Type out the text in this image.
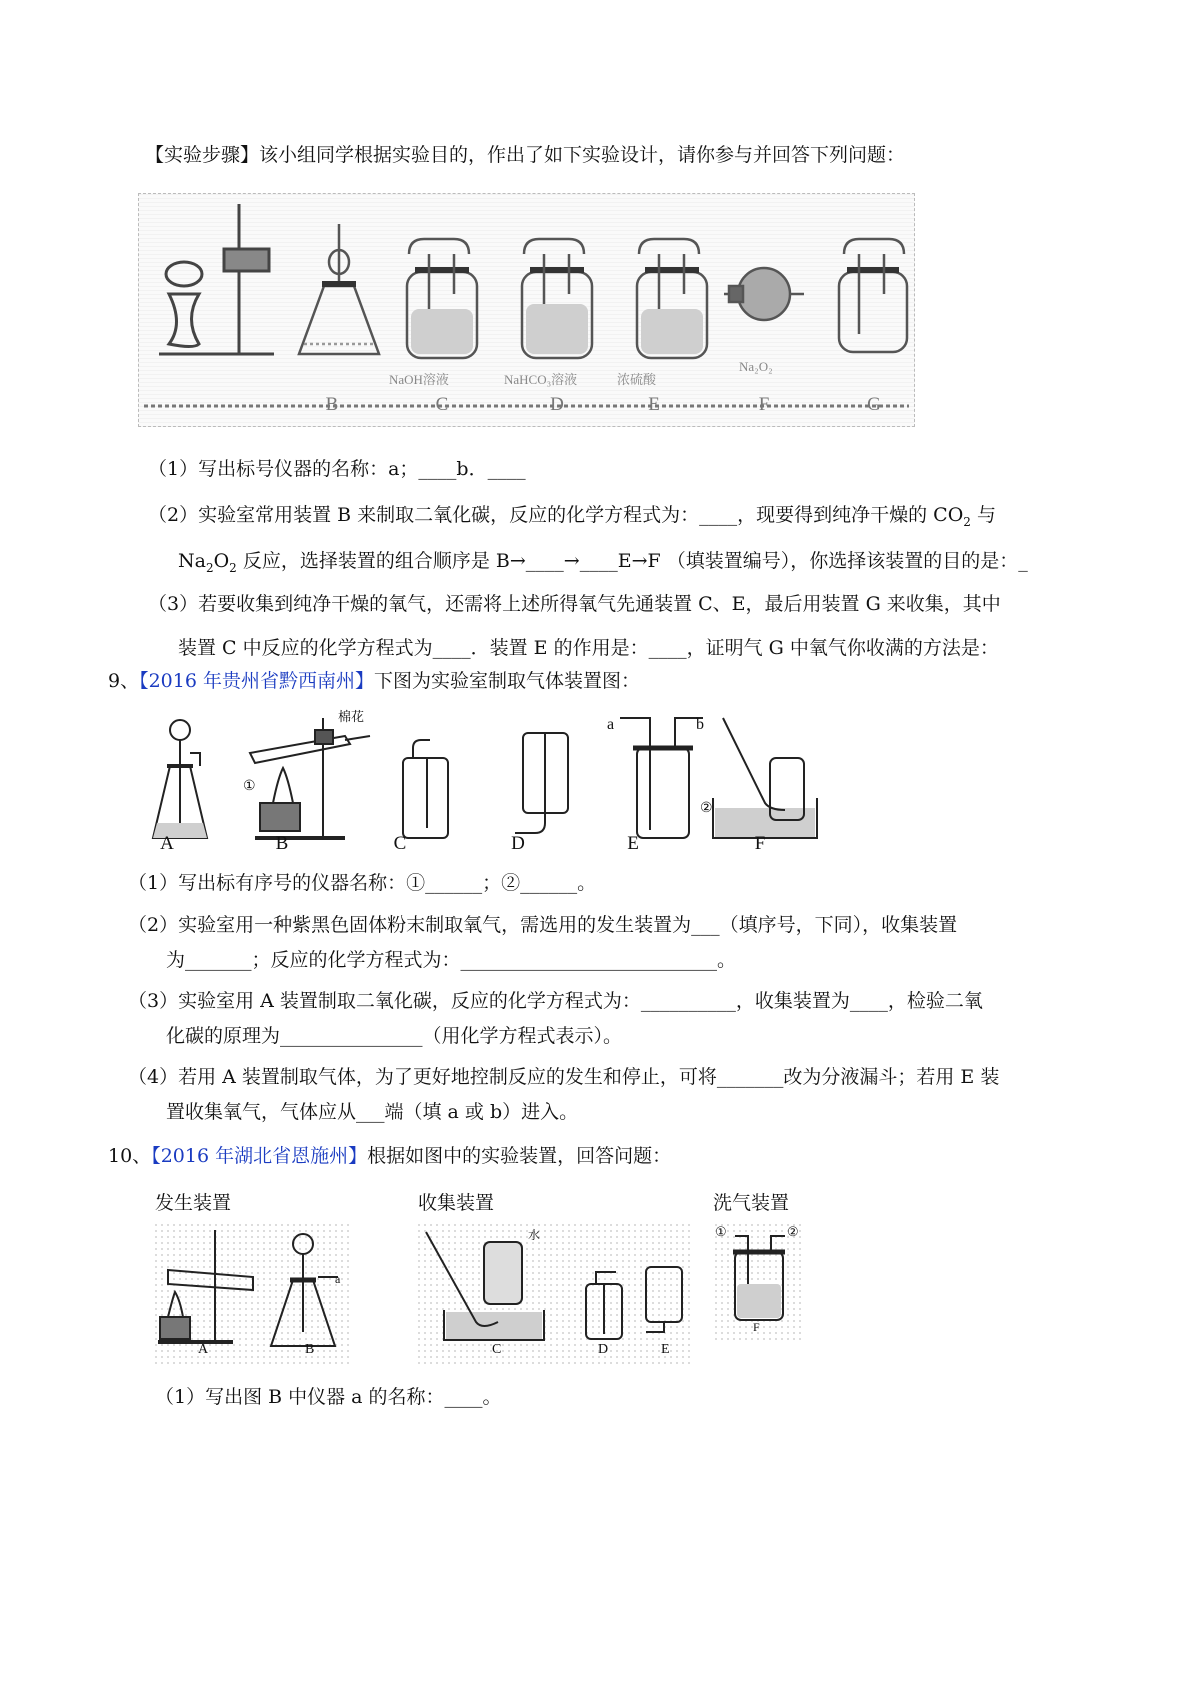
【实验步骤】该小组同学根据实验目的，作出了如下实验设计，请你参与并回答下列问题：
B	C	D	E	F	G
NaOH溶液	NaHCO₃溶液	浓硫酸
Na₂O₂
（1）写出标号仪器的名称：a；____b．____
（2）实验室常用装置 B 来制取二氧化碳，反应的化学方程式为：____，现要得到纯净干燥的 $CO_2$ 与
$Na_2O_2$ 反应，选择装置的组合顺序是 B→____→____E→F （填装置编号），你选择该装置的目的是：_
（3）若要收集到纯净干燥的氧气，还需将上述所得氧气先通装置 C、E，最后用装置 G 来收集，其中
装置 C 中反应的化学方程式为____．装置 E 的作用是：____，证明气 G 中氧气你收满的方法是：
9、【2016 年贵州省黔西南州】下图为实验室制取气体装置图：
棉花
①
②
a	b
A	B	C	D	E	F
（1）写出标有序号的仪器名称：①______；②______。
（2）实验室用一种紫黑色固体粉末制取氧气，需选用的发生装置为___（填序号，下同），收集装置
为_______；反应的化学方程式为：___________________________。
（3）实验室用 A 装置制取二氧化碳，反应的化学方程式为：__________，收集装置为____，检验二氧
化碳的原理为_______________（用化学方程式表示）。
（4）若用 A 装置制取气体，为了更好地控制反应的发生和停止，可将_______改为分液漏斗；若用 E 装
置收集氧气，气体应从___端（填 a 或 b）进入。
10、【2016 年湖北省恩施州】根据如图中的实验装置，回答问题：
发生装置	收集装置	洗气装置
a
A	B
水
C	D	E
①	②
F
（1）写出图 B 中仪器 a 的名称：____。
